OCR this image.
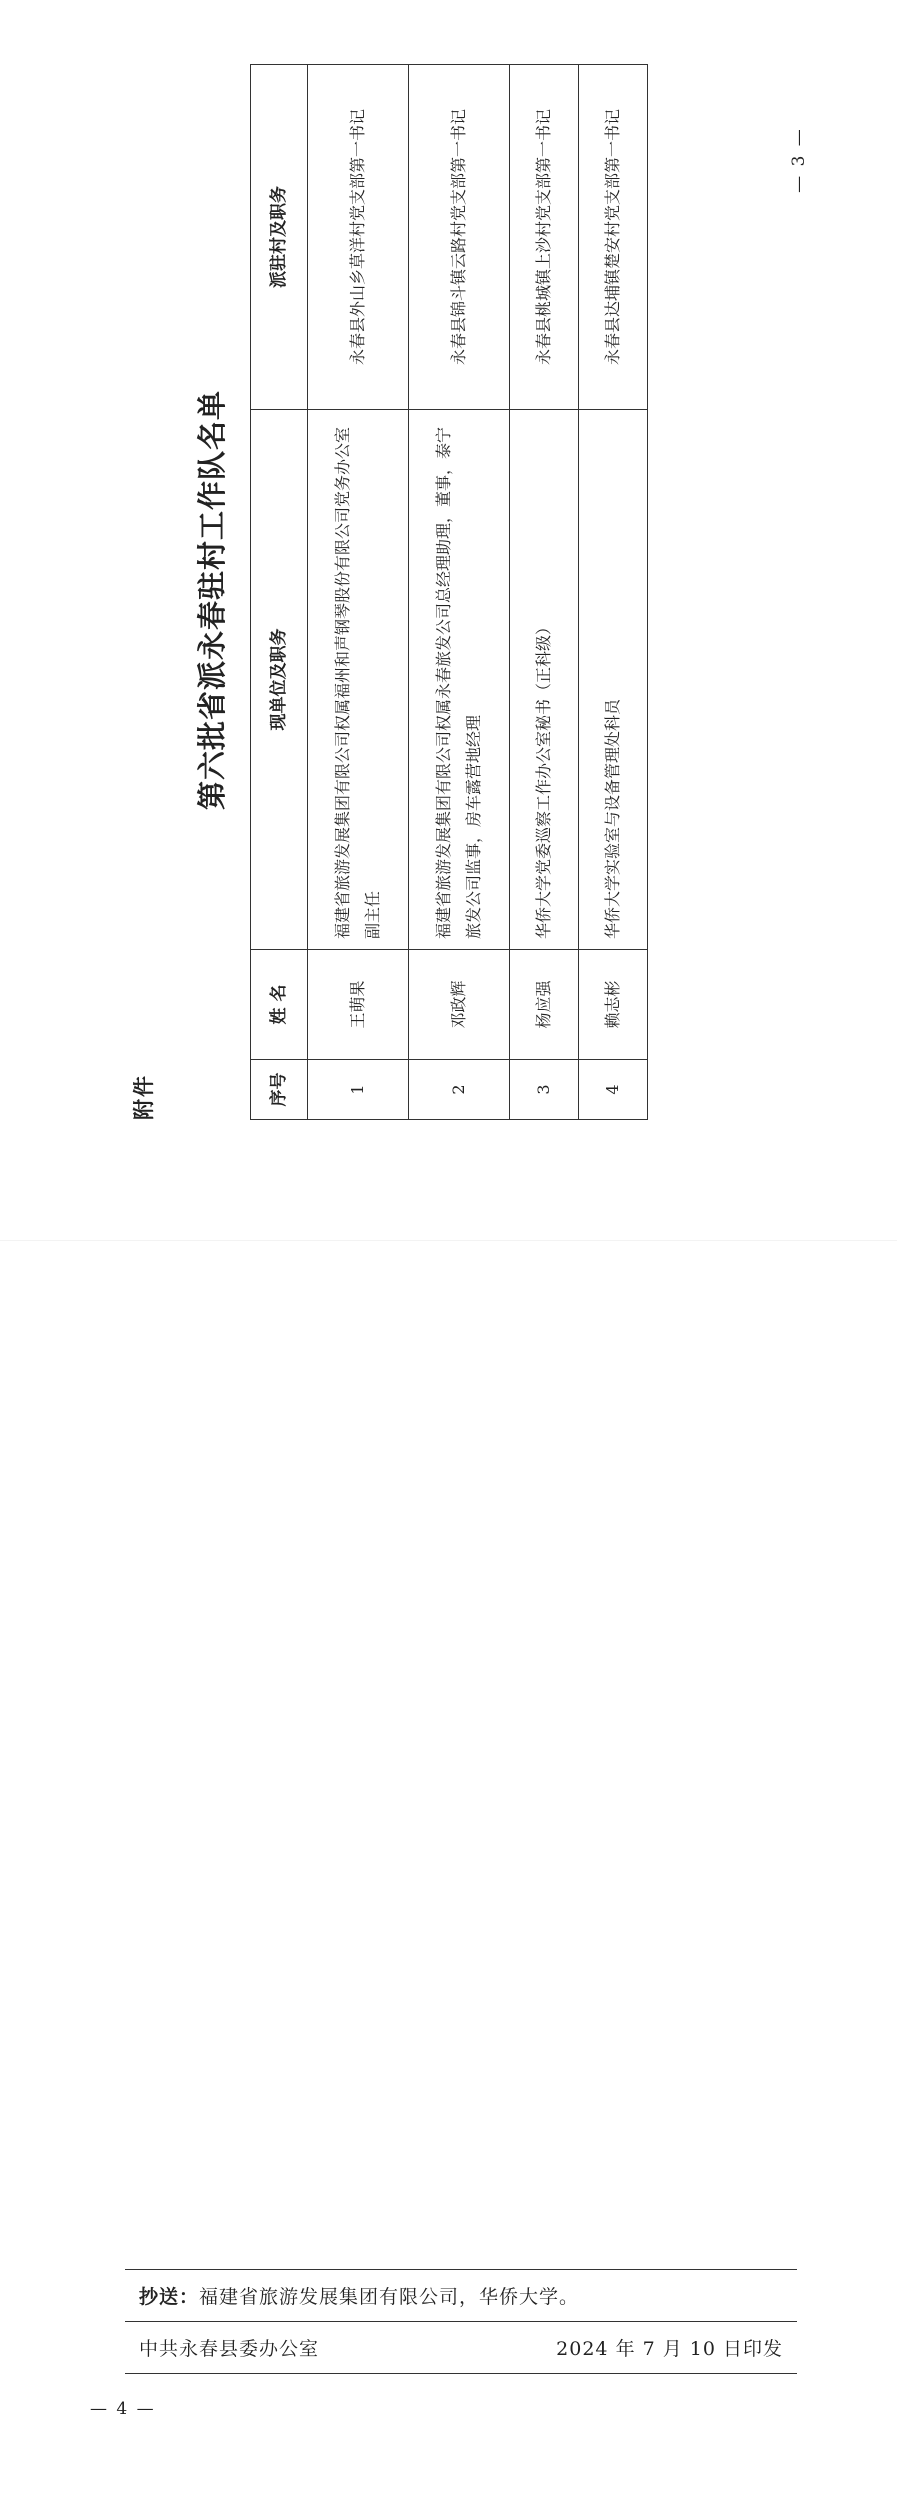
附件
第六批省派永春驻村工作队名单
序号	姓 名	现单位及职务	派驻村及职务
1	王萌果	福建省旅游发展集团有限公司权属福州和声钢琴股份有限公司党务办公室副主任	永春县外山乡草洋村党支部第一书记
2	邓政辉	福建省旅游发展集团有限公司权属永春旅发公司总经理助理，董事，泰宁旅发公司监事，房车露营地经理	永春县锦斗镇云路村党支部第一书记
3	杨应强	华侨大学党委巡察工作办公室秘书（正科级）	永春县桃城镇上沙村党支部第一书记
4	赖志彬	华侨大学实验室与设备管理处科员	永春县达埔镇楚安村党支部第一书记	— 3 —
抄送：福建省旅游发展集团有限公司，华侨大学。
中共永春县委办公室	2024 年 7 月 10 日印发
— 4 —
